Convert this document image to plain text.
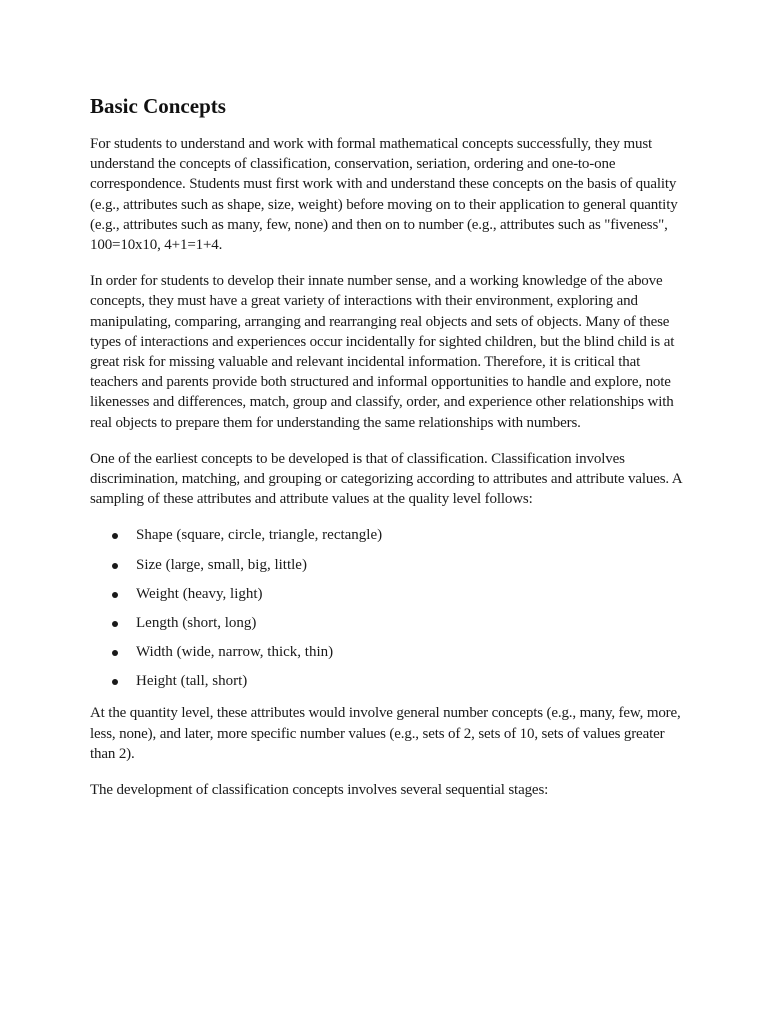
Basic Concepts

For students to understand and work with formal mathematical concepts successfully, they must understand the concepts of classification, conservation, seriation, ordering and one-to-one correspondence. Students must first work with and understand these concepts on the basis of quality (e.g., attributes such as shape, size, weight) before moving on to their application to general quantity (e.g., attributes such as many, few, none) and then on to number (e.g., attributes such as "fiveness", 100=10x10, 4+1=1+4.

In order for students to develop their innate number sense, and a working knowledge of the above concepts, they must have a great variety of interactions with their environment, exploring and manipulating, comparing, arranging and rearranging real objects and sets of objects. Many of these types of interactions and experiences occur incidentally for sighted children, but the blind child is at great risk for missing valuable and relevant incidental information. Therefore, it is critical that teachers and parents provide both structured and informal opportunities to handle and explore, note likenesses and differences, match, group and classify, order, and experience other relationships with real objects to prepare them for understanding the same relationships with numbers.

One of the earliest concepts to be developed is that of classification. Classification involves discrimination, matching, and grouping or categorizing according to attributes and attribute values. A sampling of these attributes and attribute values at the quality level follows:

Shape (square, circle, triangle, rectangle)
Size (large, small, big, little)
Weight (heavy, light)
Length (short, long)
Width (wide, narrow, thick, thin)
Height (tall, short)

At the quantity level, these attributes would involve general number concepts (e.g., many, few, more, less, none), and later, more specific number values (e.g., sets of 2, sets of 10, sets of values greater than 2).

The development of classification concepts involves several sequential stages:
